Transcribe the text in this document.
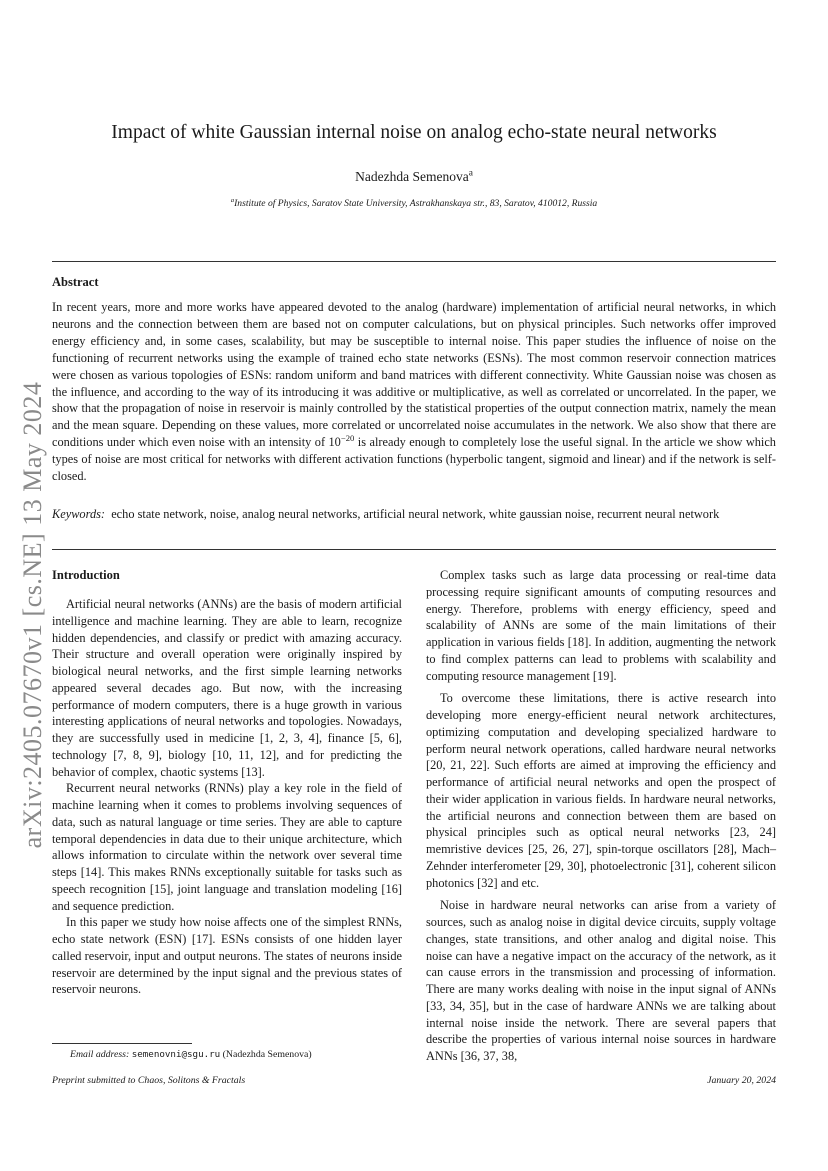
arXiv:2405.07670v1 [cs.NE] 13 May 2024
Impact of white Gaussian internal noise on analog echo-state neural networks
Nadezhda Semenova$^a$
$^a$Institute of Physics, Saratov State University, Astrakhanskaya str., 83, Saratov, 410012, Russia
Abstract
In recent years, more and more works have appeared devoted to the analog (hardware) implementation of artificial neural networks, in which neurons and the connection between them are based not on computer calculations, but on physical principles. Such networks offer improved energy efficiency and, in some cases, scalability, but may be susceptible to internal noise. This paper studies the influence of noise on the functioning of recurrent networks using the example of trained echo state networks (ESNs). The most common reservoir connection matrices were chosen as various topologies of ESNs: random uniform and band matrices with different connectivity. White Gaussian noise was chosen as the influence, and according to the way of its introducing it was additive or multiplicative, as well as correlated or uncorrelated. In the paper, we show that the propagation of noise in reservoir is mainly controlled by the statistical properties of the output connection matrix, namely the mean and the mean square. Depending on these values, more correlated or uncorrelated noise accumulates in the network. We also show that there are conditions under which even noise with an intensity of $10^{-20}$ is already enough to completely lose the useful signal. In the article we show which types of noise are most critical for networks with different activation functions (hyperbolic tangent, sigmoid and linear) and if the network is self-closed.
Keywords: echo state network, noise, analog neural networks, artificial neural network, white gaussian noise, recurrent neural network
Introduction

Artificial neural networks (ANNs) are the basis of modern artificial intelligence and machine learning. They are able to learn, recognize hidden dependencies, and classify or predict with amazing accuracy. Their structure and overall operation were originally inspired by biological neural networks, and the first simple learning networks appeared several decades ago. But now, with the increasing performance of modern computers, there is a huge growth in various interesting applications of neural networks and topologies. Nowadays, they are successfully used in medicine [1, 2, 3, 4], finance [5, 6], technology [7, 8, 9], biology [10, 11, 12], and for predicting the behavior of complex, chaotic systems [13].

Recurrent neural networks (RNNs) play a key role in the field of machine learning when it comes to problems involving sequences of data, such as natural language or time series. They are able to capture temporal dependencies in data due to their unique architecture, which allows information to circulate within the network over several time steps [14]. This makes RNNs exceptionally suitable for tasks such as speech recognition [15], joint language and translation modeling [16] and sequence prediction.

In this paper we study how noise affects one of the simplest RNNs, echo state network (ESN) [17]. ESNs consists of one hidden layer called reservoir, input and output neurons. The states of neurons inside reservoir are determined by the input signal and the previous states of reservoir neurons.

Complex tasks such as large data processing or real-time data processing require significant amounts of computing resources and energy. Therefore, problems with energy efficiency, speed and scalability of ANNs are some of the main limitations of their application in various fields [18]. In addition, augmenting the network to find complex patterns can lead to problems with scalability and computing resource management [19].

To overcome these limitations, there is active research into developing more energy-efficient neural network architectures, optimizing computation and developing specialized hardware to perform neural network operations, called hardware neural networks [20, 21, 22]. Such efforts are aimed at improving the efficiency and performance of artificial neural networks and open the prospect of their wider application in various fields. In hardware neural networks, the artificial neurons and connection between them are based on physical principles such as optical neural networks [23, 24] memristive devices [25, 26, 27], spin-torque oscillators [28], Mach–Zehnder interferometer [29, 30], photoelectronic [31], coherent silicon photonics [32] and etc.

Noise in hardware neural networks can arise from a variety of sources, such as analog noise in digital device circuits, supply voltage changes, state transitions, and other analog and digital noise. This noise can have a negative impact on the accuracy of the network, as it can cause errors in the transmission and processing of information. There are many works dealing with noise in the input signal of ANNs [33, 34, 35], but in the case of hardware ANNs we are talking about internal noise inside the network. There are several papers that describe the properties of various internal noise sources in hardware ANNs [36, 37, 38,

Email address: semenovni@sgu.ru (Nadezhda Semenova)
Preprint submitted to Chaos, Solitons & Fractals	January 20, 2024
